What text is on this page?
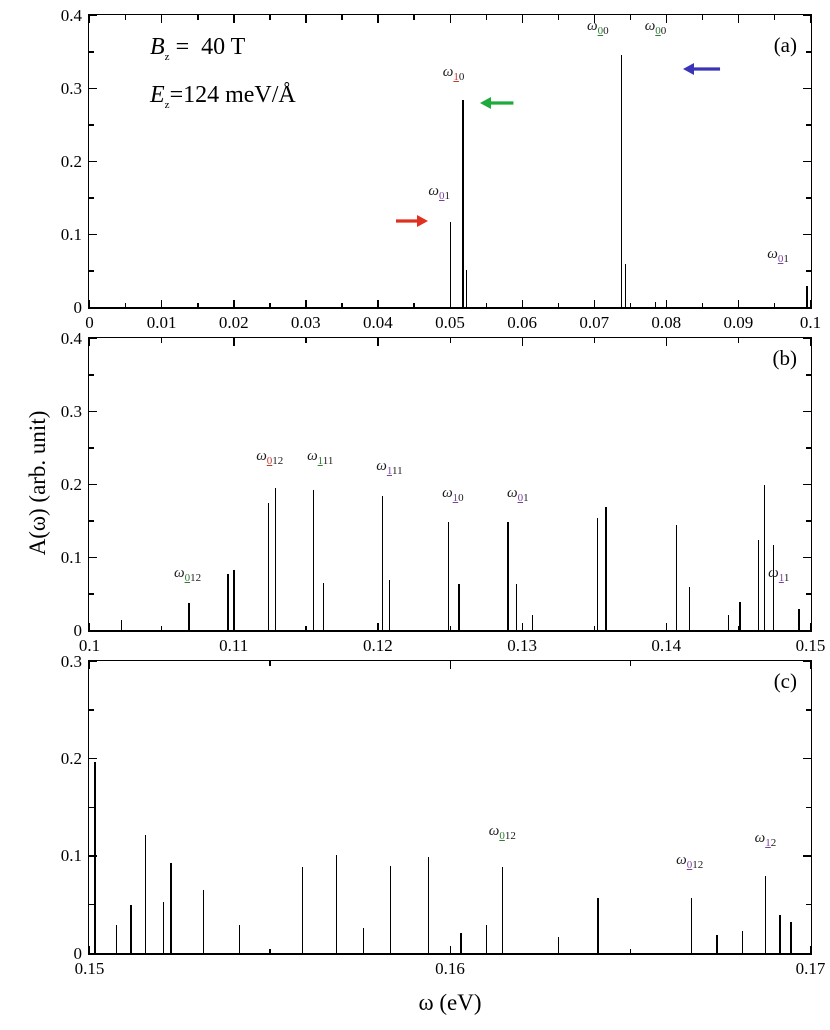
(a)
0
0.1
0.2
0.3
0.4
0	0.01 0.02 0.03 0.04 0.05 0.06 0.07 0.08 0.09	0.1
$\omega_{01}$
$\omega_{10}$
$\omega_{00}$ $\omega_{00}$
$\omega_{01}$
(b)
0
0.1
0.2
0.3
0.4
0.1	0.11	0.12	0.13	0.14	0.15
$\omega_{012}$
$\omega_{012}$ $\omega_{111}$	$\omega_{111}$
$\omega_{10}$	$\omega_{01}$
$\omega_{11}$
(c)
0
0.1
0.2
0.3
0.15	0.16	0.17
$\omega_{012}$
$\omega_{012}$
$\omega_{12}$
$B_z = 40$ T
$E_z=124$ meV/Å
A(ω) (arb. unit)
ω (eV)
